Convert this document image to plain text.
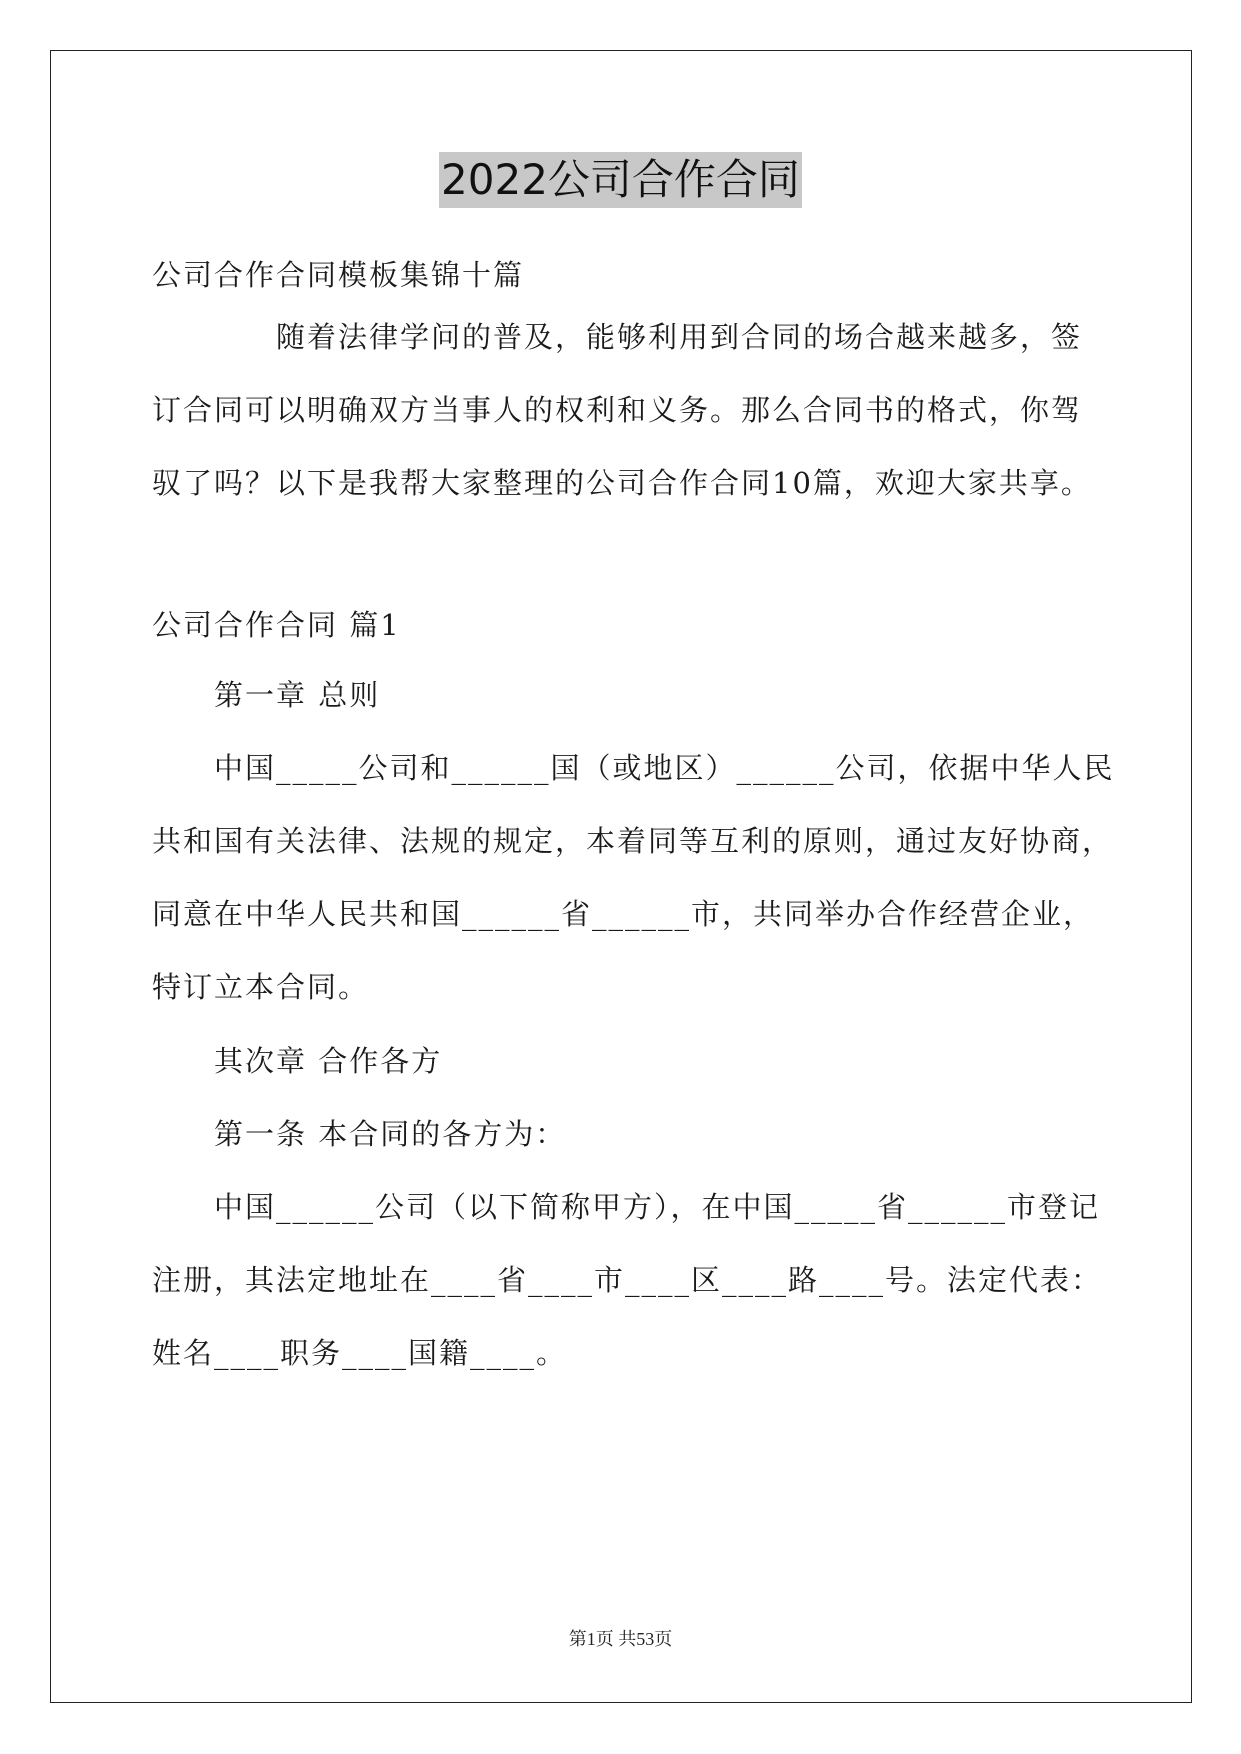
2022公司合作合同
公司合作合同模板集锦十篇
随着法律学问的普及，能够利用到合同的场合越来越多，签
订合同可以明确双方当事人的权利和义务。那么合同书的格式，你驾
驭了吗？以下是我帮大家整理的公司合作合同10篇，欢迎大家共享。
公司合作合同 篇1
第一章 总则
中国_____公司和______国（或地区）______公司，依据中华人民
共和国有关法律、法规的规定，本着同等互利的原则，通过友好协商，
同意在中华人民共和国______省______市，共同举办合作经营企业，
特订立本合同。
其次章 合作各方
第一条 本合同的各方为：
中国______公司（以下简称甲方），在中国_____省______市登记
注册，其法定地址在____省____市____区____路____号。法定代表：
姓名____职务____国籍____。
第1页 共53页
